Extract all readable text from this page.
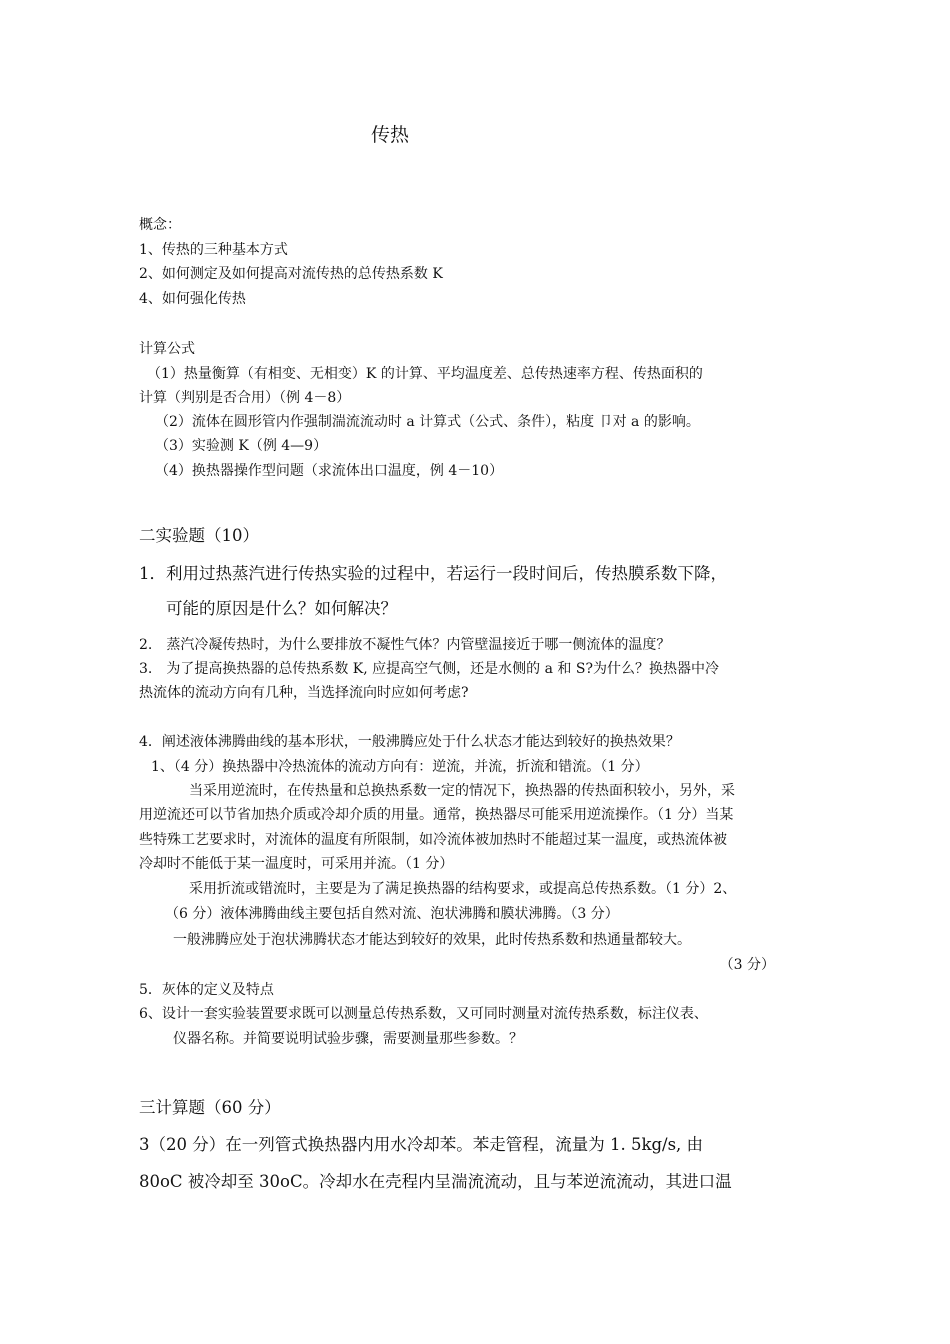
传热

概念：

1、传热的三种基本方式

2、如何测定及如何提高对流传热的总传热系数 K

4、如何强化传热

计算公式

（1）热量衡算（有相变、无相变）K 的计算、平均温度差、总传热速率方程、传热面积的

计算（判别是否合用）（例 4－8）

（2）流体在圆形管内作强制湍流流动时 a 计算式（公式、条件），粘度 卩对 a 的影响。

（3）实验测 K（例 4—9）

（4）换热器操作型问题（求流体出口温度，例 4－10）

二实验题（10）

1．利用过热蒸汽进行传热实验的过程中，若运行一段时间后，传热膜系数下降，

可能的原因是什么？如何解决？

2.　蒸汽冷凝传热时，为什么要排放不凝性气体？内管壁温接近于哪一侧流体的温度？

3.　为了提高换热器的总传热系数 K, 应提高空气侧，还是水侧的 a 和 S?为什么？换热器中冷

热流体的流动方向有几种，当选择流向时应如何考虑?

4．阐述液体沸腾曲线的基本形状，一般沸腾应处于什么状态才能达到较好的换热效果？

1、（4 分）换热器中冷热流体的流动方向有：逆流，并流，折流和错流。（1 分）

当采用逆流时，在传热量和总换热系数一定的情况下，换热器的传热面积较小，另外，采

用逆流还可以节省加热介质或冷却介质的用量。通常，换热器尽可能采用逆流操作。（1 分）当某

些特殊工艺要求时，对流体的温度有所限制，如冷流体被加热时不能超过某一温度，或热流体被

冷却时不能低于某一温度时，可采用并流。（1 分）

采用折流或错流时，主要是为了满足换热器的结构要求，或提高总传热系数。（1 分）2、

（6 分）液体沸腾曲线主要包括自然对流、泡状沸腾和膜状沸腾。（3 分）

一般沸腾应处于泡状沸腾状态才能达到较好的效果，此时传热系数和热通量都较大。

（3 分）

5．灰体的定义及特点

6、设计一套实验装置要求既可以测量总传热系数，又可同时测量对流传热系数，标注仪表、

仪器名称。并简要说明试验步骤，需要测量那些参数。？

三计算题（60 分）

3（20 分）在一列管式换热器内用水冷却苯。苯走管程，流量为 1. 5kg/s, 由

80oC 被冷却至 30oC。冷却水在壳程内呈湍流流动，且与苯逆流流动，其进口温
